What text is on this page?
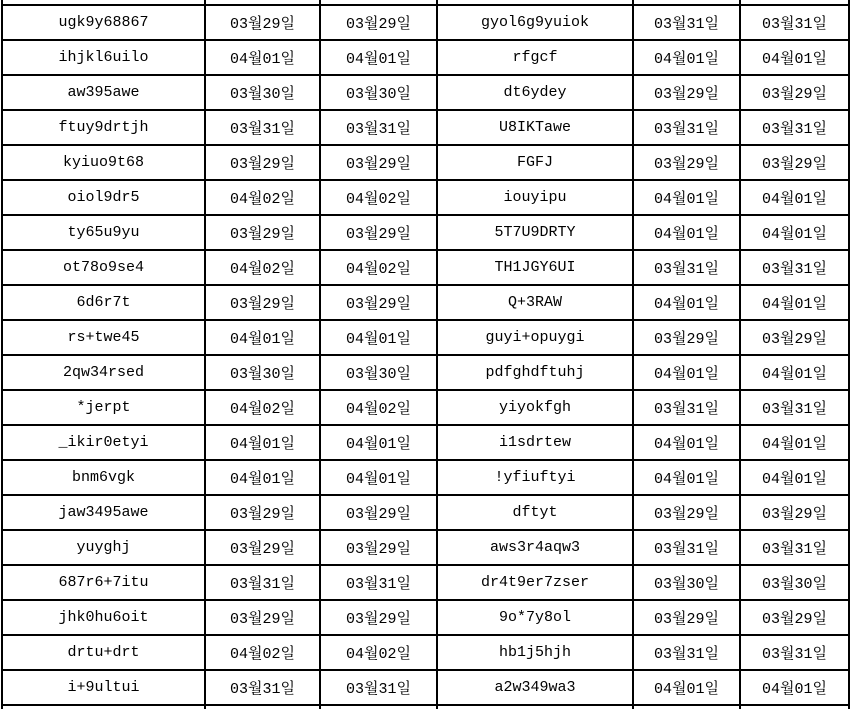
ugk9y68867	03월29일	03월29일	gyol6g9yuiok	03월31일	03월31일
ihjkl6uilo	04월01일	04월01일	rfgcf	04월01일	04월01일
aw395awe	03월30일	03월30일	dt6ydey	03월29일	03월29일
ftuy9drtjh	03월31일	03월31일	U8IKTawe	03월31일	03월31일
kyiuo9t68	03월29일	03월29일	FGFJ	03월29일	03월29일
oiol9dr5	04월02일	04월02일	iouyipu	04월01일	04월01일
ty65u9yu	03월29일	03월29일	5T7U9DRTY	04월01일	04월01일
ot78o9se4	04월02일	04월02일	TH1JGY6UI	03월31일	03월31일
6d6r7t	03월29일	03월29일	Q+3RAW	04월01일	04월01일
rs+twe45	04월01일	04월01일	guyi+opuygi	03월29일	03월29일
2qw34rsed	03월30일	03월30일	pdfghdftuhj	04월01일	04월01일
*jerpt	04월02일	04월02일	yiyokfgh	03월31일	03월31일
_ikir0etyi	04월01일	04월01일	i1sdrtew	04월01일	04월01일
bnm6vgk	04월01일	04월01일	!yfiuftyi	04월01일	04월01일
jaw3495awe	03월29일	03월29일	dftyt	03월29일	03월29일
yuyghj	03월29일	03월29일	aws3r4aqw3	03월31일	03월31일
687r6+7itu	03월31일	03월31일	dr4t9er7zser	03월30일	03월30일
jhk0hu6oit	03월29일	03월29일	9o*7y8ol	03월29일	03월29일
drtu+drt	04월02일	04월02일	hb1j5hjh	03월31일	03월31일
i+9ultui	03월31일	03월31일	a2w349wa3	04월01일	04월01일
